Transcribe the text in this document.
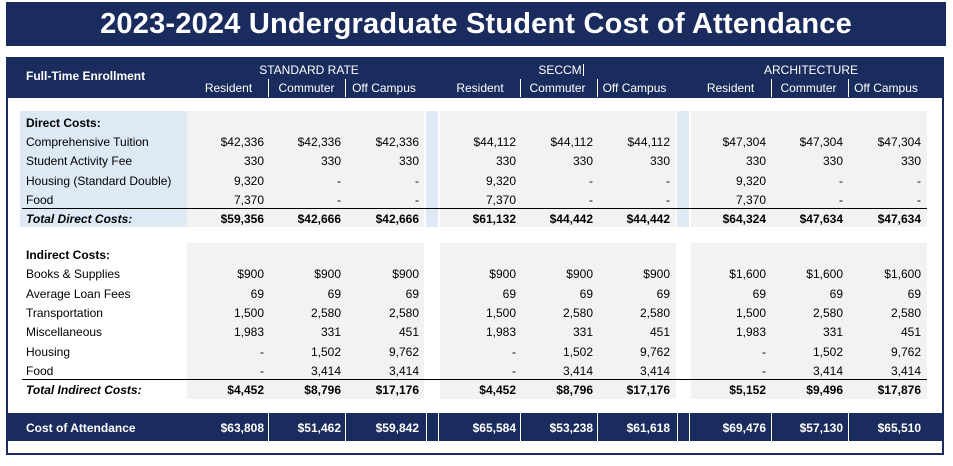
2023-2024 Undergraduate Student Cost of Attendance
Full-Time Enrollment	STANDARD RATE	SECCM	ARCHITECTURE
Resident	Commuter	Off Campus	Resident	Commuter	Off Campus	Resident	Commuter	Off Campus
Direct Costs:
Comprehensive Tuition	$42,336	$42,336	$42,336	$44,112	$44,112	$44,112	$47,304	$47,304	$47,304
Student Activity Fee	330	330	330	330	330	330	330	330	330
Housing (Standard Double)	9,320	-	-	9,320	-	-	9,320	-	-
Food	7,370	-	-	7,370	-	-	7,370	-	-
Total Direct Costs:	$59,356	$42,666	$42,666	$61,132	$44,442	$44,442	$64,324	$47,634	$47,634
Indirect Costs:
Books & Supplies	$900	$900	$900	$900	$900	$900	$1,600	$1,600	$1,600
Average Loan Fees	69	69	69	69	69	69	69	69	69
Transportation	1,500	2,580	2,580	1,500	2,580	2,580	1,500	2,580	2,580
Miscellaneous	1,983	331	451	1,983	331	451	1,983	331	451
Housing	-	1,502	9,762	-	1,502	9,762	-	1,502	9,762
Food	-	3,414	3,414	-	3,414	3,414	-	3,414	3,414
Total Indirect Costs:	$4,452	$8,796	$17,176	$4,452	$8,796	$17,176	$5,152	$9,496	$17,876
Cost of Attendance	$63,808	$51,462	$59,842	$65,584	$53,238	$61,618	$69,476	$57,130	$65,510
